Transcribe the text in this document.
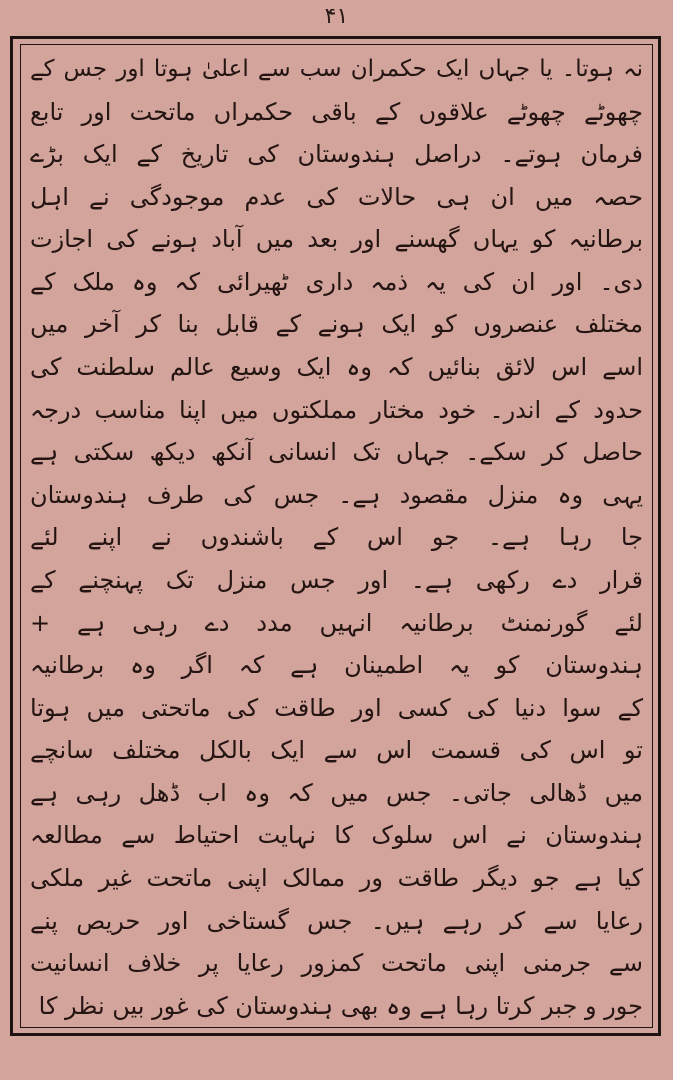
۴۱
نہ ہوتا۔ یا جہاں ایک حکمران سب سے اعلیٰ ہوتا اور جس کے
چھوٹے چھوٹے علاقوں کے باقی حکمراں ماتحت اور تابع
فرمان ہوتے۔ دراصل ہندوستان کی تاریخ کے ایک بڑے
حصہ میں ان ہی حالات کی عدم موجودگی نے اہل
برطانیہ کو یہاں گھسنے اور بعد میں آباد ہونے کی اجازت
دی۔ اور ان کی یہ ذمہ داری ٹھیرائی کہ وہ ملک کے
مختلف عنصروں کو ایک ہونے کے قابل بنا کر آخر میں
اسے اس لائق بنائیں کہ وہ ایک وسیع عالم سلطنت کی
حدود کے اندر۔ خود مختار مملکتوں میں اپنا مناسب درجہ
حاصل کر سکے۔ جہاں تک انسانی آنکھ دیکھ سکتی ہے
یہی وہ منزل مقصود ہے۔ جس کی طرف ہندوستان
جا رہا ہے۔ جو اس کے باشندوں نے اپنے لئے
قرار دے رکھی ہے۔ اور جس منزل تک پہنچنے کے
لئے گورنمنٹ برطانیہ انہیں مدد دے رہی ہے +
ہندوستان کو یہ اطمینان ہے کہ اگر وہ برطانیہ
کے سوا دنیا کی کسی اور طاقت کی ماتحتی میں ہوتا
تو اس کی قسمت اس سے ایک بالکل مختلف سانچے
میں ڈھالی جاتی۔ جس میں کہ وہ اب ڈھل رہی ہے
ہندوستان نے اس سلوک کا نہایت احتیاط سے مطالعہ
کیا ہے جو دیگر طاقت ور ممالک اپنی ماتحت غیر ملکی
رعایا سے کر رہے ہیں۔ جس گستاخی اور حریص پنے
سے جرمنی اپنی ماتحت کمزور رعایا پر خلاف انسانیت
جور و جبر کرتا رہا ہے وہ بھی ہندوستان کی غور بیں نظر کا
